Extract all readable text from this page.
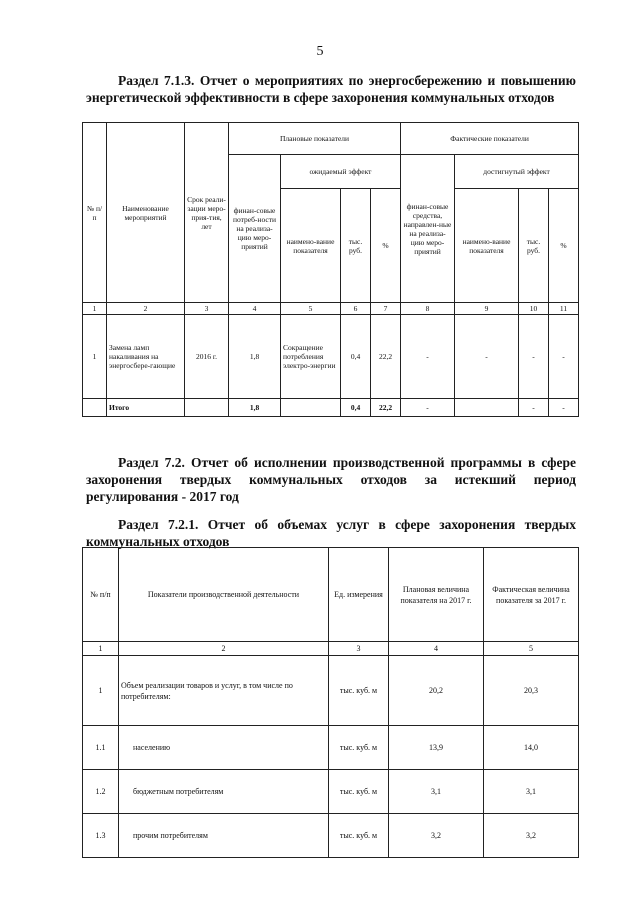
5

Раздел 7.1.3. Отчет о мероприятиях по энергосбережению и повышению энергетической эффективности в сфере захоронения коммунальных отходов

№ п/п	Наименование мероприятий	Срок реали-зации меро-прия-тия, лет	Плановые показатели				Фактические показатели			
			финан-совые потреб-ности на реализа-цию меро-приятий	ожидаемый эффект			финан-совые средства, направлен-ные на реализа-цию меро-приятий	достигнутый эффект		
				наимено-вание показателя	тыс. руб.	%		наимено-вание показателя	тыс. руб.	%
1	2	3	4	5	6	7	8	9	10	11
1	Замена ламп накаливания на энергосбере-гающие	2016 г.	1,8	Сокращение потребления электро-энергии	0,4	22,2	-	-	-	-
	Итого		1,8		0,4	22,2	-		-	-

Раздел 7.2. Отчет об исполнении производственной программы в сфере захоронения твердых коммунальных отходов за истекший период регулирования - 2017 год

Раздел 7.2.1. Отчет об объемах услуг в сфере захоронения твердых коммунальных отходов

№ п/п	Показатели производственной деятельности	Ед. измерения	Плановая величина показателя на 2017 г.	Фактическая величина показателя за 2017 г.
1	2	3	4	5
1	Объем реализации товаров и услуг, в том числе по потребителям:	тыс. куб. м	20,2	20,3
1.1	населению	тыс. куб. м	13,9	14,0
1.2	бюджетным потребителям	тыс. куб. м	3,1	3,1
1.3	прочим потребителям	тыс. куб. м	3,2	3,2
